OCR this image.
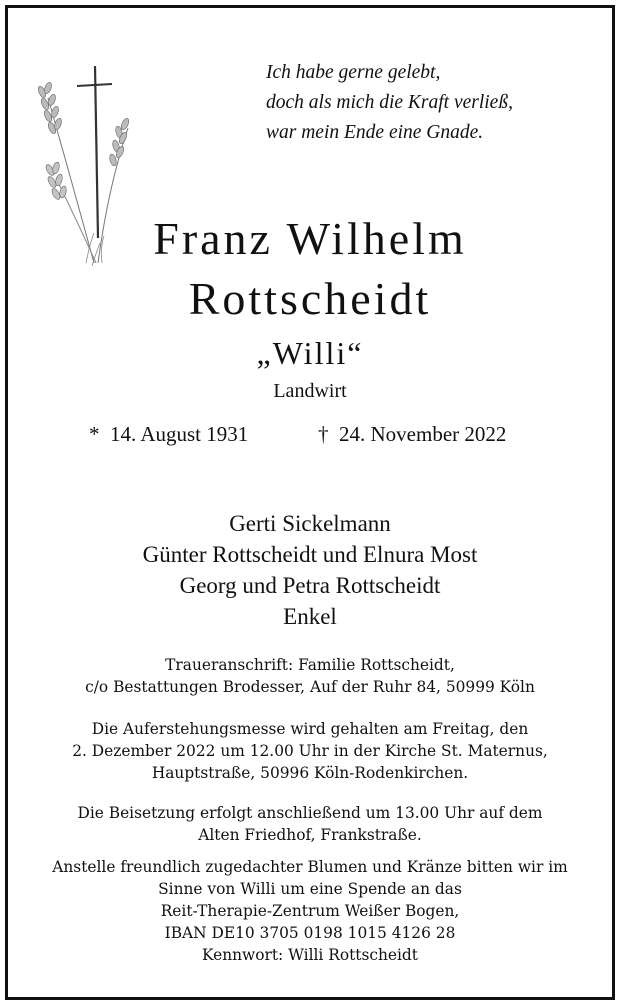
Ich habe gerne gelebt,
doch als mich die Kraft verließ,
war mein Ende eine Gnade.
Franz Wilhelm
Rottscheidt
„Willi“
Landwirt
* 14. August 1931	† 24. November 2022
Gerti Sickelmann
Günter Rottscheidt und Elnura Most
Georg und Petra Rottscheidt
Enkel
Traueranschrift: Familie Rottscheidt,
c/o Bestattungen Brodesser, Auf der Ruhr 84, 50999 Köln
Die Auferstehungsmesse wird gehalten am Freitag, den
2. Dezember 2022 um 12.00 Uhr in der Kirche St. Maternus,
Hauptstraße, 50996 Köln-Rodenkirchen.
Die Beisetzung erfolgt anschließend um 13.00 Uhr auf dem
Alten Friedhof, Frankstraße.
Anstelle freundlich zugedachter Blumen und Kränze bitten wir im
Sinne von Willi um eine Spende an das
Reit-Therapie-Zentrum Weißer Bogen,
IBAN DE10 3705 0198 1015 4126 28
Kennwort: Willi Rottscheidt
